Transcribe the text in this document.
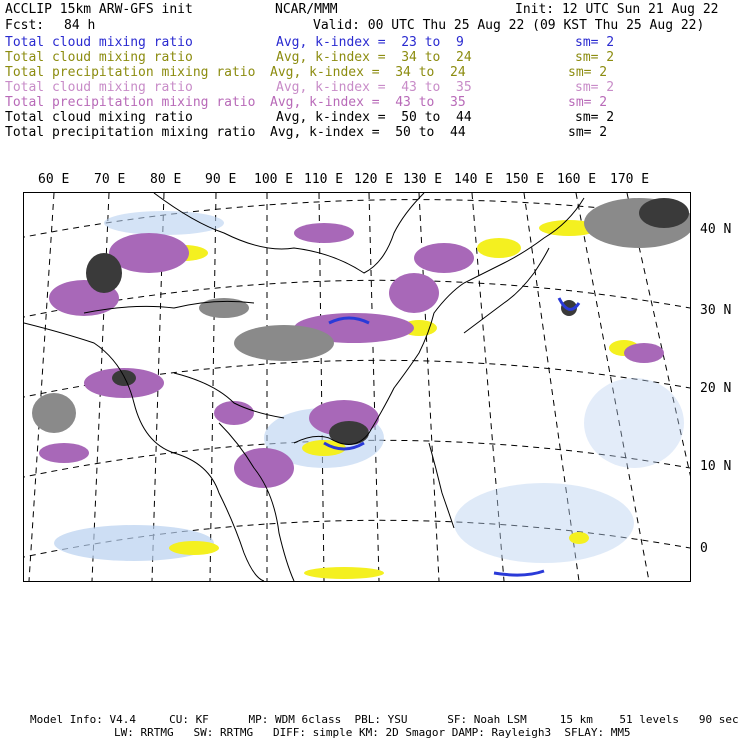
ACCLIP 15km ARW-GFS init	NCAR/MMM	Init: 12 UTC Sun 21 Aug 22
Fcst: 84 h	Valid: 00 UTC Thu 25 Aug 22 (09 KST Thu 25 Aug 22)
Total cloud mixing ratio	Avg, k-index =  23 to  9	sm= 2
Total cloud mixing ratio	Avg, k-index =  34 to  24	sm= 2
Total precipitation mixing ratio Avg, k-index =  34 to  24	sm= 2
Total cloud mixing ratio	Avg, k-index =  43 to  35	sm= 2
Total precipitation mixing ratio Avg, k-index =  43 to  35	sm= 2
Total cloud mixing ratio	Avg, k-index =  50 to  44	sm= 2
Total precipitation mixing ratio Avg, k-index =  50 to  44	sm= 2
60 E 70 E 80 E 90 E 100 E 110 E 120 E 130 E 140 E 150 E 160 E 170 E
40 N
30 N
20 N
10 N
0
Model Info: V4.4     CU: KF      MP: WDM 6class  PBL: YSU      SF: Noah LSM     15 km    51 levels   90 sec
LW: RRTMG   SW: RRTMG   DIFF: simple KM: 2D Smagor DAMP: Rayleigh3  SFLAY: MM5
